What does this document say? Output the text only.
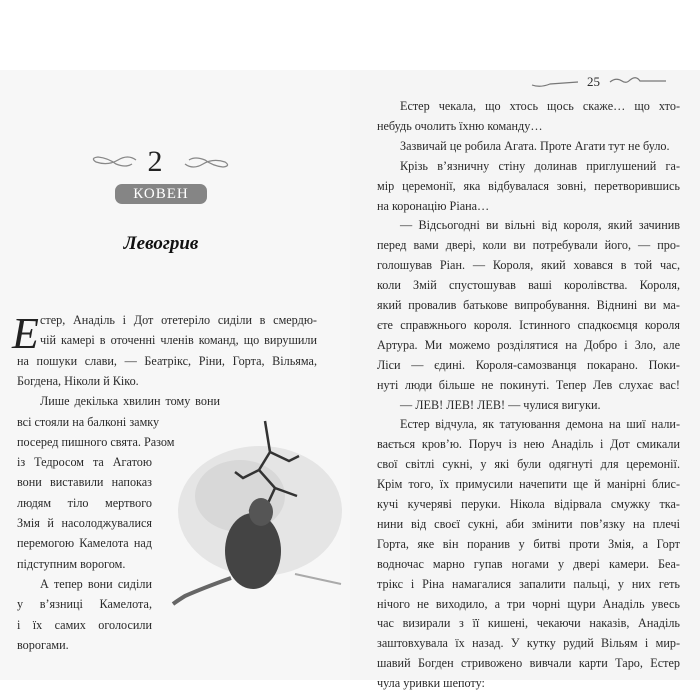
25
2
КОВЕН
Левогрив
Е стер, Анаділь і Дот отетеріло сиділи в смердю-
чій камері в оточенні членів команд, що вирушили
на пошуки слави, — Беатрікс, Ріни, Горта, Вільяма,
Богдена, Ніколи й Кіко.
Лише декілька хвилин тому вони
всі стояли на балконі замку
посеред пишного свята. Разом
із Тедросом та Агатою
вони виставили напоказ
людям тіло мертвого
Змія й насолоджувалися
перемогою Камелота над
підступним ворогом.
А тепер вони сиділи
у в’язниці Камелота,
і їх самих оголосили
ворогами.
Естер чекала, що хтось щось скаже… що хто-
небудь очолить їхню команду…
Зазвичай це робила Агата. Проте Агати тут не було.
Крізь в’язничну стіну долинав приглушений га-
мір церемонії, яка відбувалася зовні, перетворившись
на коронацію Ріана…
— Відсьогодні ви вільні від короля, який зачинив
перед вами двері, коли ви потребували його, — про-
голошував Ріан. — Короля, який ховався в той час,
коли Змій спустошував ваші королівства. Короля,
який провалив батькове випробування. Віднині ви ма-
єте справжнього короля. Істинного спадкоємця короля
Артура. Ми можемо розділятися на Добро і Зло, але
Ліси — єдині. Короля-самозванця покарано. Поки-
нуті люди більше не покинуті. Тепер Лев слухає вас!
— ЛЕВ! ЛЕВ! ЛЕВ! — чулися вигуки.
Естер відчула, як татуювання демона на шиї нали-
вається кров’ю. Поруч із нею Анаділь і Дот смикали
свої світлі сукні, у які були одягнуті для церемонії.
Крім того, їх примусили начепити ще й манірні блис-
кучі кучеряві перуки. Нікола відірвала смужку тка-
нини від своєї сукні, аби змінити пов’язку на плечі
Горта, яке він поранив у битві проти Змія, а Горт
водночас марно гупав ногами у двері камери. Беа-
трікс і Ріна намагалися запалити пальці, у них геть
нічого не виходило, а три чорні щури Анаділь увесь
час визирали з її кишені, чекаючи наказів, Анаділь
заштовхувала їх назад. У кутку рудий Вільям і мир-
шавий Богден стривожено вивчали карти Таро, Естер
чула уривки шепоту:
